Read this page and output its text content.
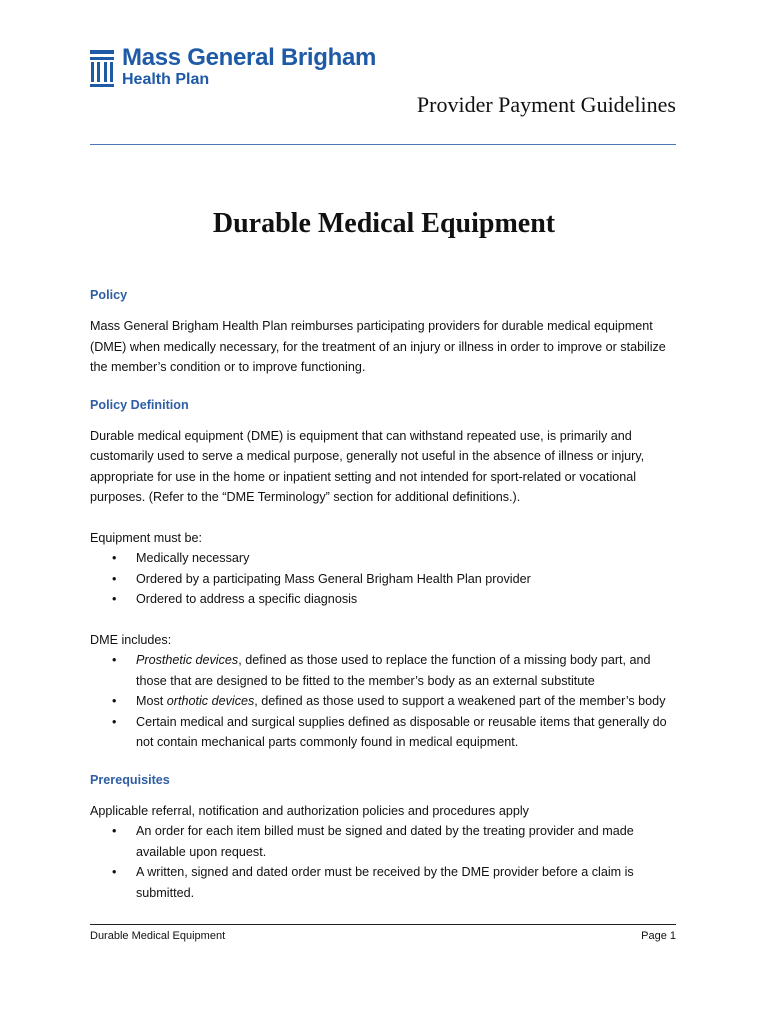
Mass General Brigham
Health Plan
Provider Payment Guidelines
Durable Medical Equipment
Policy

Mass General Brigham Health Plan reimburses participating providers for durable medical equipment (DME) when medically necessary, for the treatment of an injury or illness in order to improve or stabilize the member’s condition or to improve functioning.

Policy Definition

Durable medical equipment (DME) is equipment that can withstand repeated use, is primarily and customarily used to serve a medical purpose, generally not useful in the absence of illness or injury, appropriate for use in the home or inpatient setting and not intended for sport-related or vocational purposes. (Refer to the “DME Terminology” section for additional definitions.).

Equipment must be:

• Medically necessary
• Ordered by a participating Mass General Brigham Health Plan provider
• Ordered to address a specific diagnosis

DME includes:

• Prosthetic devices, defined as those used to replace the function of a missing body part, and those that are designed to be fitted to the member’s body as an external substitute
• Most orthotic devices, defined as those used to support a weakened part of the member’s body
• Certain medical and surgical supplies defined as disposable or reusable items that generally do not contain mechanical parts commonly found in medical equipment.
Prerequisites

Applicable referral, notification and authorization policies and procedures apply

• An order for each item billed must be signed and dated by the treating provider and made available upon request.
• A written, signed and dated order must be received by the DME provider before a claim is submitted.
Durable Medical Equipment	Page 1
